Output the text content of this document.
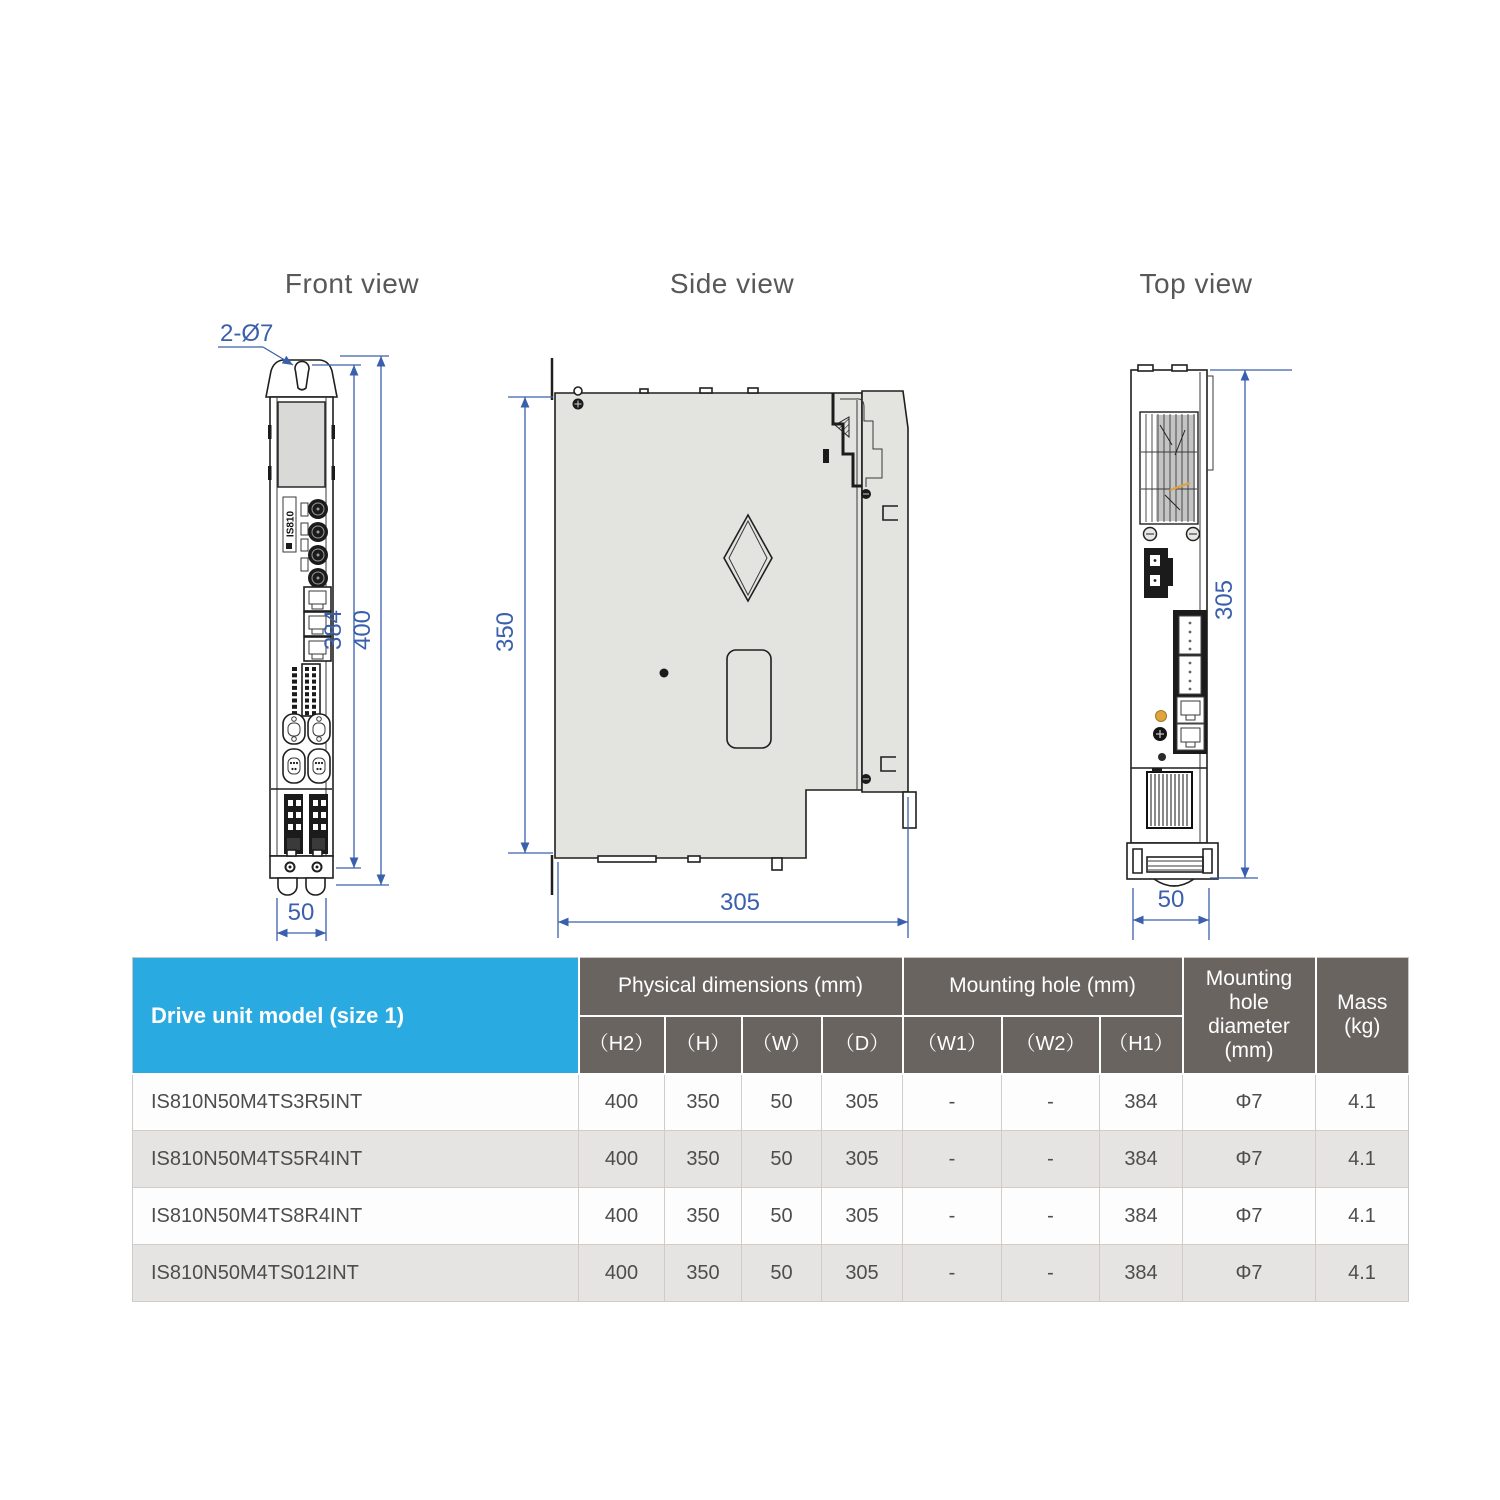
Front view	Side view	Top view
IS810
2-Ø7
384 400
50
350
305
305
50
Drive unit model (size 1)	Physical dimensions (mm)				Mounting hole (mm)			Mounting hole diameter (mm)	Mass (kg)
	（H2）	（H）	（W）	（D）	（W1）	（W2）	（H1）		
IS810N50M4TS3R5INT	400	350	50	305	-	-	384	Φ7	4.1
IS810N50M4TS5R4INT	400	350	50	305	-	-	384	Φ7	4.1
IS810N50M4TS8R4INT	400	350	50	305	-	-	384	Φ7	4.1
IS810N50M4TS012INT	400	350	50	305	-	-	384	Φ7	4.1
